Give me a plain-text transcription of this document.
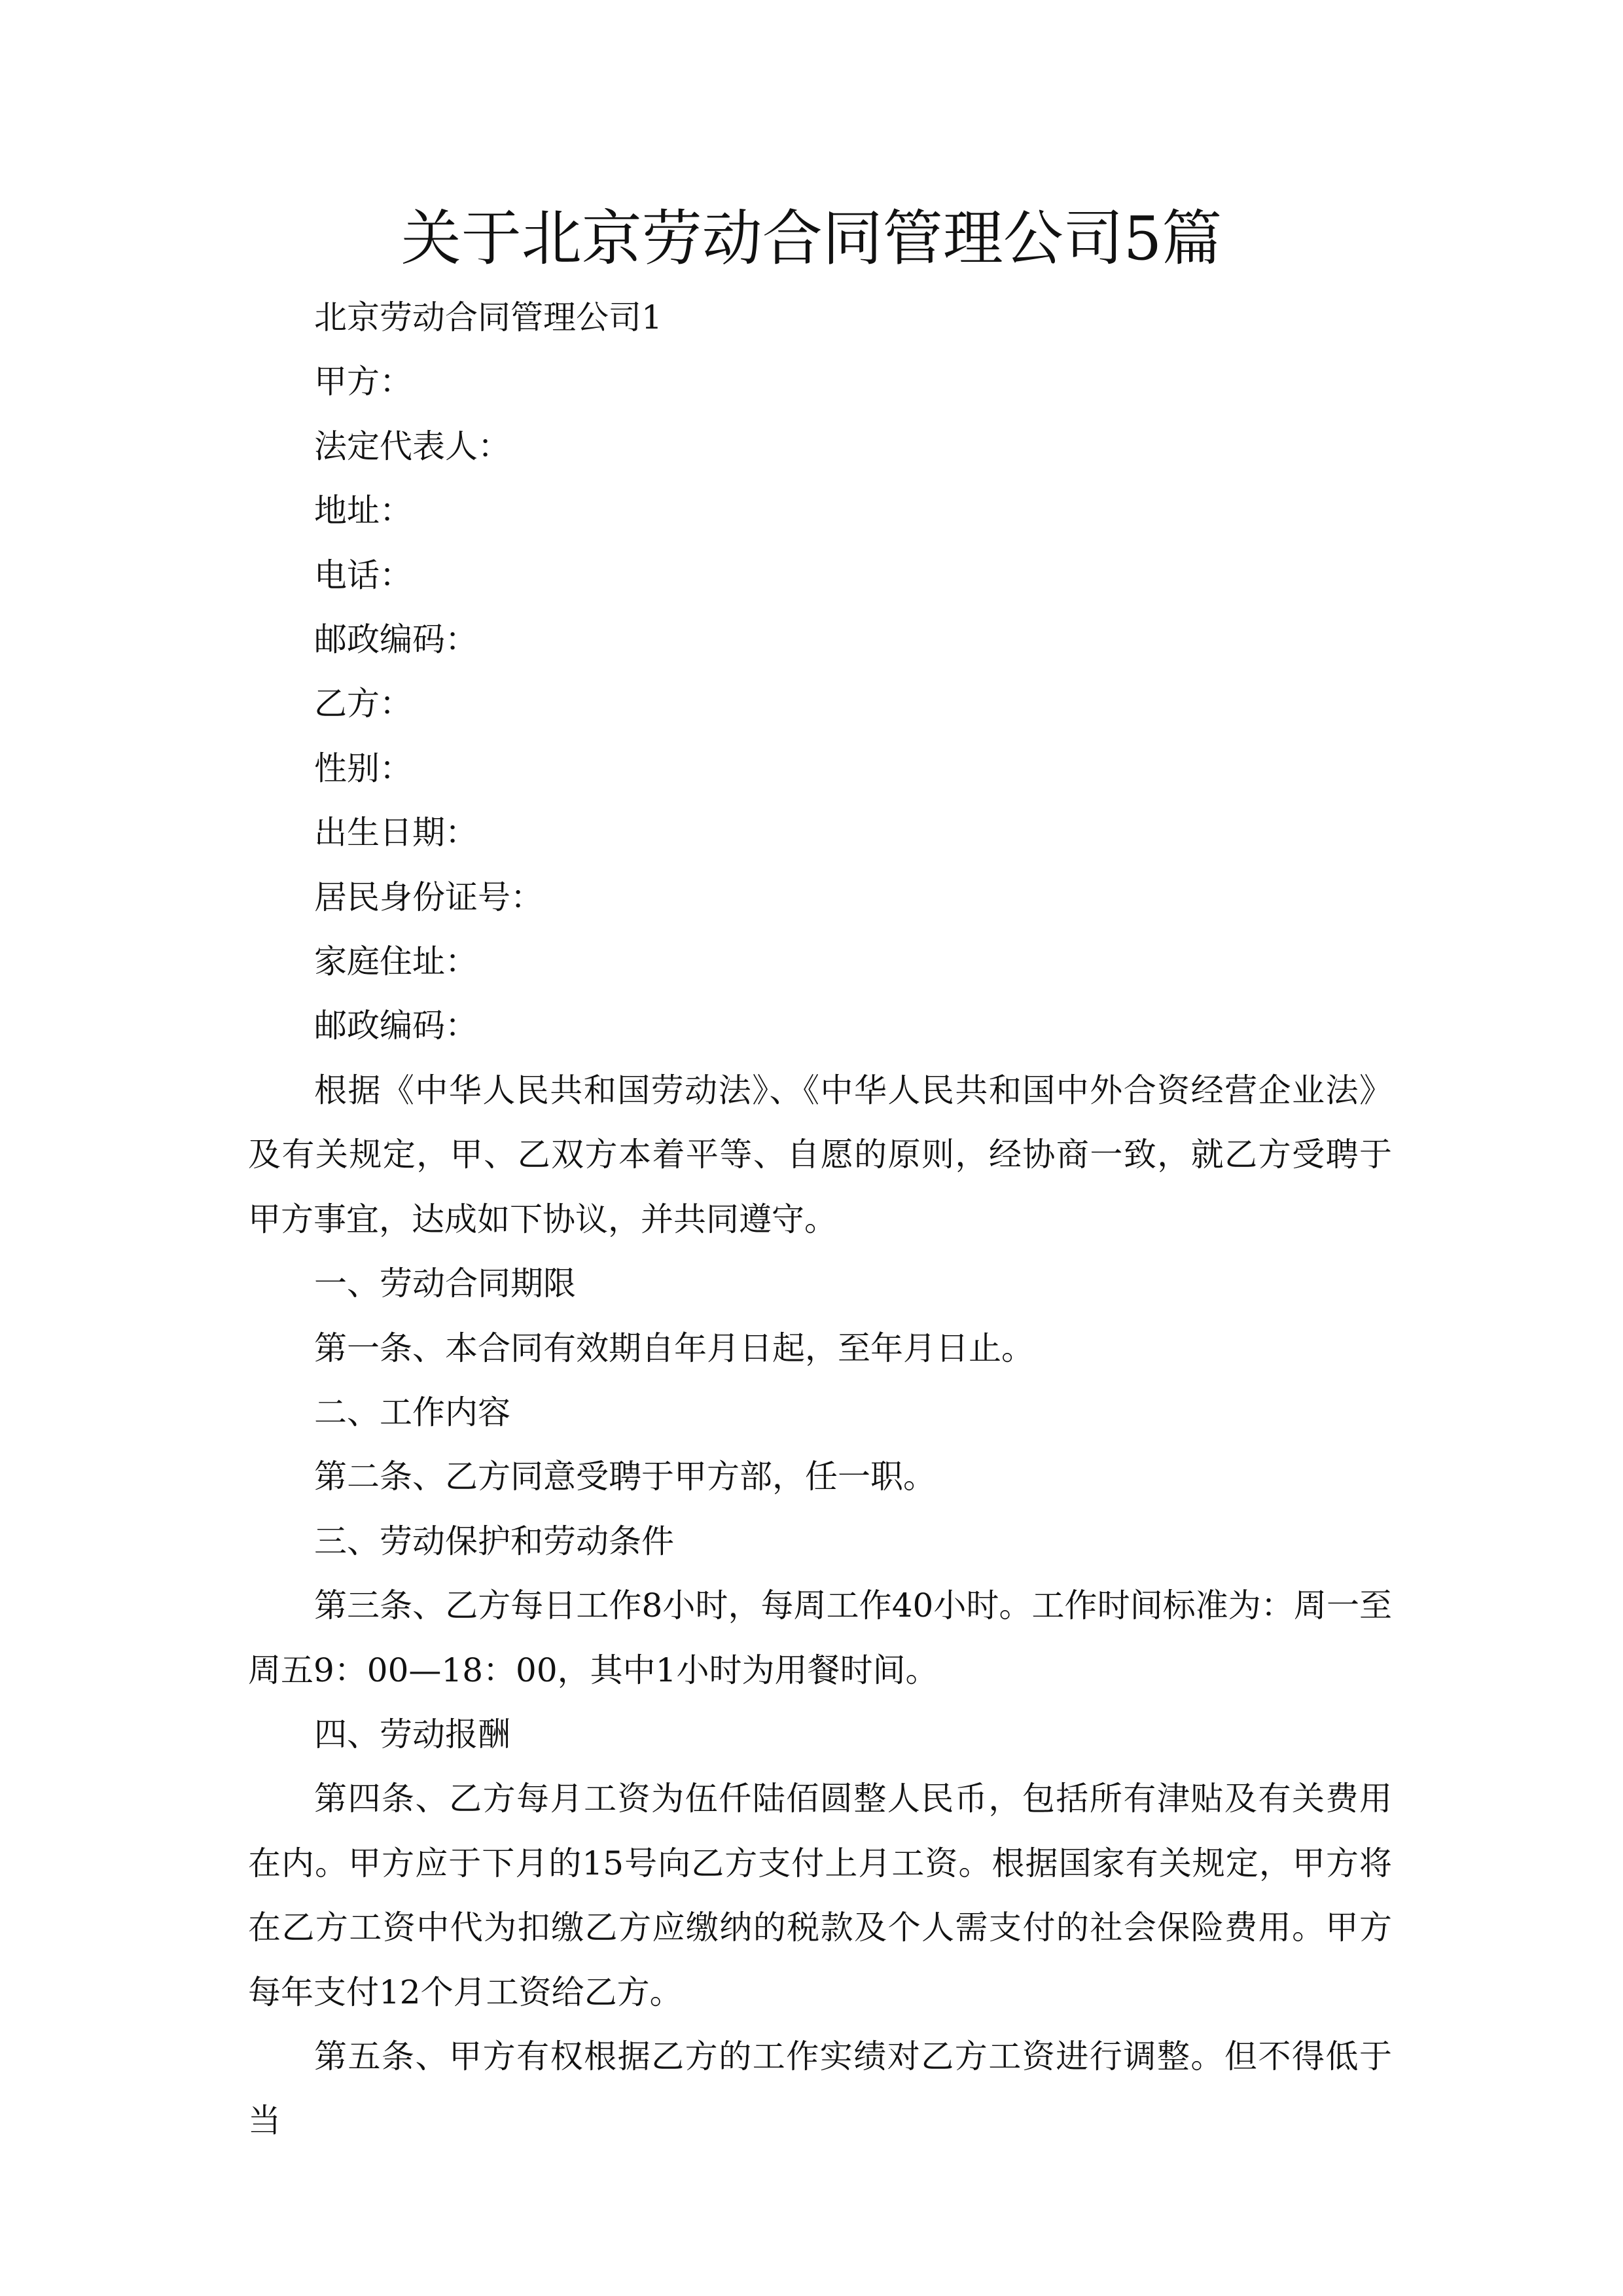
关于北京劳动合同管理公司5篇

北京劳动合同管理公司1

甲方：

法定代表人：

地址：

电话：

邮政编码：

乙方：

性别：

出生日期：

居民身份证号：

家庭住址：

邮政编码：

根据《中华人民共和国劳动法》、《中华人民共和国中外合资经营企业法》及有关规定，甲、乙双方本着平等、自愿的原则，经协商一致，就乙方受聘于甲方事宜，达成如下协议，并共同遵守。

一、劳动合同期限

第一条、本合同有效期自年月日起，至年月日止。

二、工作内容

第二条、乙方同意受聘于甲方部，任一职。

三、劳动保护和劳动条件

第三条、乙方每日工作8小时，每周工作40小时。工作时间标准为：周一至周五9：00—18：00，其中1小时为用餐时间。

四、劳动报酬

第四条、乙方每月工资为伍仟陆佰圆整人民币，包括所有津贴及有关费用在内。甲方应于下月的15号向乙方支付上月工资。根据国家有关规定，甲方将在乙方工资中代为扣缴乙方应缴纳的税款及个人需支付的社会保险费用。甲方每年支付12个月工资给乙方。

第五条、甲方有权根据乙方的工作实绩对乙方工资进行调整。但不得低于当
